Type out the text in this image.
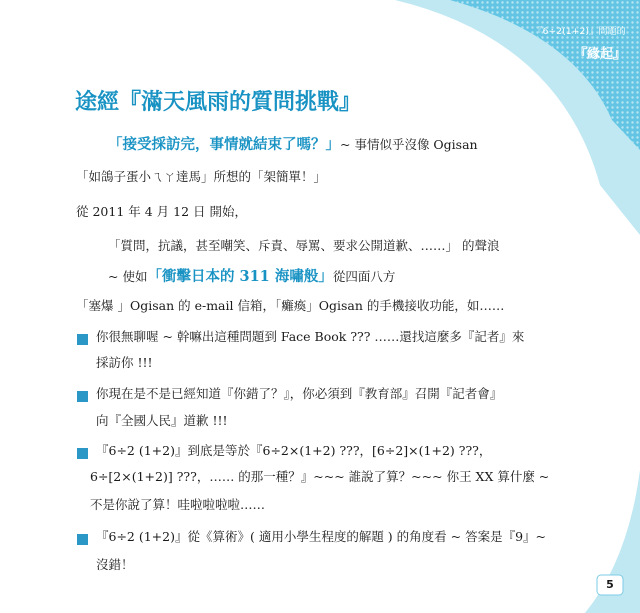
『6÷2(1+2)』問題的
『緣起』
途經『滿天風雨的質問挑戰』
「接受採訪完，事情就結束了嗎？」~ 事情似乎沒像 Ogisan
「如鴿子蛋小ㄟㄚ達馬」所想的「架簡單！」
從 2011 年 4 月 12 日 開始，
「質問，抗議，甚至嘲笑、斥責、辱罵、要求公開道歉、……」 的聲浪
~ 使如「衝擊日本的 311 海嘯般」從四面八方
「塞爆 」Ogisan 的 e-mail 信箱，「癱瘓」Ogisan 的手機接收功能，如……
你很無聊喔 ~ 幹嘛出這種問題到 Face Book ??? ……還找這麼多『記者』來
採訪你 !!!
你現在是不是已經知道『你錯了？』，你必須到『教育部』召開『記者會』
向『全國人民』道歉 !!!
『6÷2 (1+2)』到底是等於『6÷2×(1+2) ???，[6÷2]×(1+2) ???，
6÷[2×(1+2)] ???，…… 的那一種？』~~~ 誰說了算？~~~ 你王 XX 算什麼 ~
不是你說了算！哇啦啦啦啦……
『6÷2 (1+2)』從《算術》( 適用小學生程度的解題 ) 的角度看 ~ 答案是『9』~
沒錯！
5
